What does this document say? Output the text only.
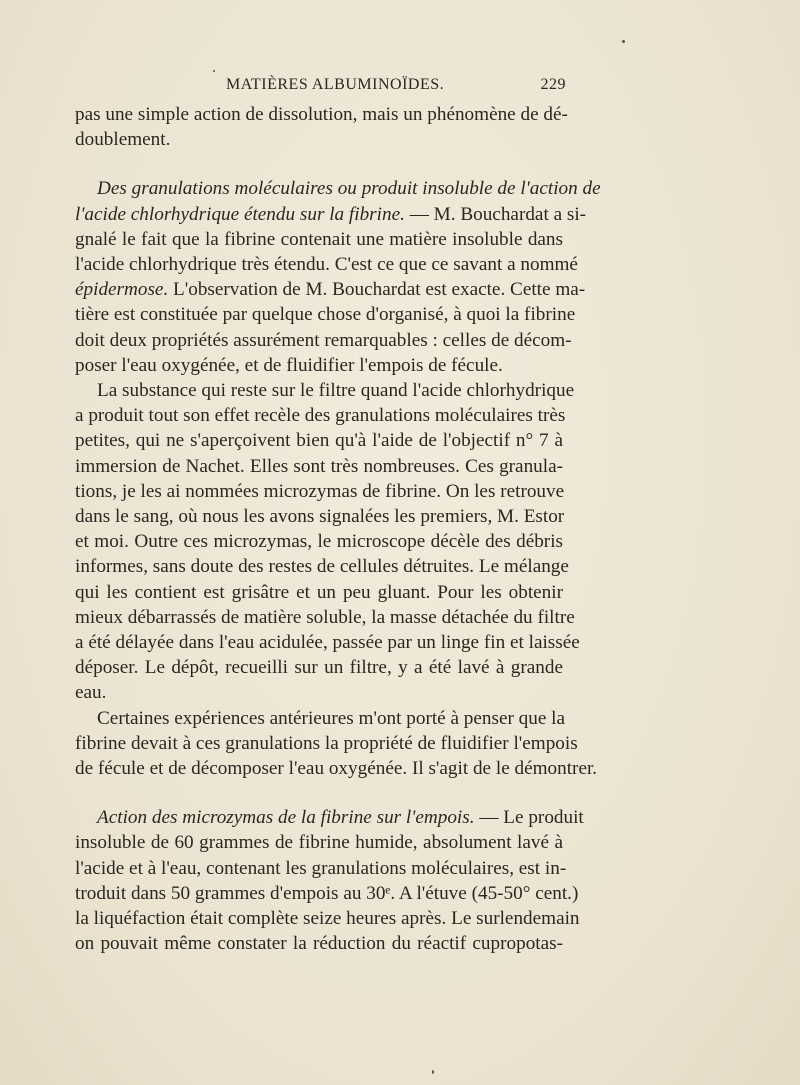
MATIÈRES ALBUMINOÏDES.	229
pas une simple action de dissolution, mais un phénomène de dé-
doublement.
Des granulations moléculaires ou produit insoluble de l'action de
l'acide chlorhydrique étendu sur la fibrine. — M. Bouchardat a si-
gnalé le fait que la fibrine contenait une matière insoluble dans
l'acide chlorhydrique très étendu. C'est ce que ce savant a nommé
épidermose. L'observation de M. Bouchardat est exacte. Cette ma-
tière est constituée par quelque chose d'organisé, à quoi la fibrine
doit deux propriétés assurément remarquables : celles de décom-
poser l'eau oxygénée, et de fluidifier l'empois de fécule.
La substance qui reste sur le filtre quand l'acide chlorhydrique
a produit tout son effet recèle des granulations moléculaires très
petites, qui ne s'aperçoivent bien qu'à l'aide de l'objectif n° 7 à
immersion de Nachet. Elles sont très nombreuses. Ces granula-
tions, je les ai nommées microzymas de fibrine. On les retrouve
dans le sang, où nous les avons signalées les premiers, M. Estor
et moi. Outre ces microzymas, le microscope décèle des débris
informes, sans doute des restes de cellules détruites. Le mélange
qui les contient est grisâtre et un peu gluant. Pour les obtenir
mieux débarrassés de matière soluble, la masse détachée du filtre
a été délayée dans l'eau acidulée, passée par un linge fin et laissée
déposer. Le dépôt, recueilli sur un filtre, y a été lavé à grande
eau.
Certaines expériences antérieures m'ont porté à penser que la
fibrine devait à ces granulations la propriété de fluidifier l'empois
de fécule et de décomposer l'eau oxygénée. Il s'agit de le démontrer.
Action des microzymas de la fibrine sur l'empois. — Le produit
insoluble de 60 grammes de fibrine humide, absolument lavé à
l'acide et à l'eau, contenant les granulations moléculaires, est in-
troduit dans 50 grammes d'empois au 30ᵉ. A l'étuve (45-50° cent.)
la liquéfaction était complète seize heures après. Le surlendemain
on pouvait même constater la réduction du réactif cupropotas-
